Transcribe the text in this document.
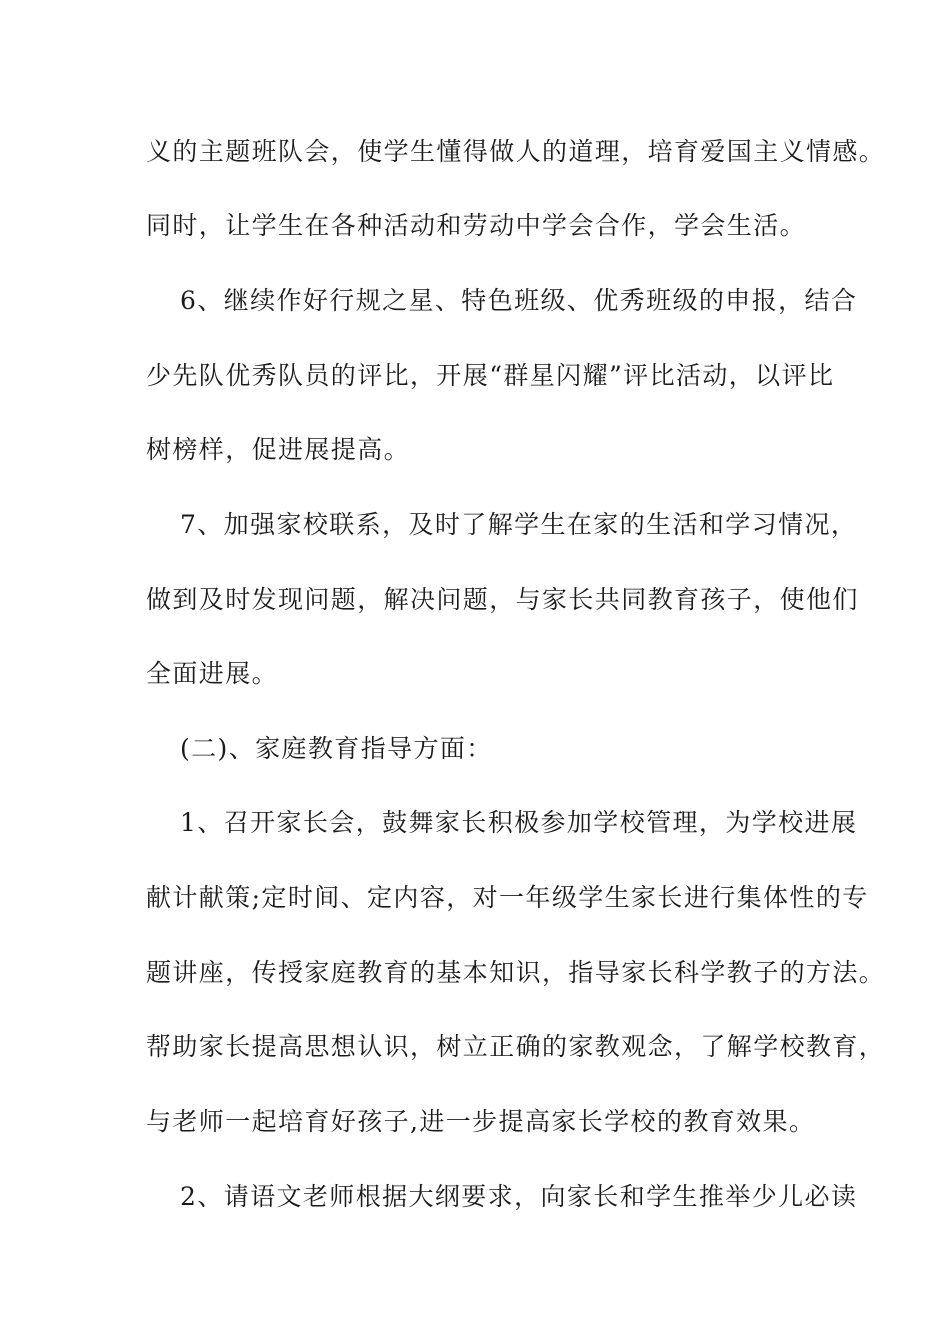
义的主题班队会，使学生懂得做人的道理，培育爱国主义情感。
同时，让学生在各种活动和劳动中学会合作，学会生活。
6、继续作好行规之星、特色班级、优秀班级的申报，结合
少先队优秀队员的评比，开展“群星闪耀”评比活动，以评比
树榜样，促进展提高。
7、加强家校联系，及时了解学生在家的生活和学习情况，
做到及时发现问题，解决问题，与家长共同教育孩子，使他们
全面进展。
(二)、家庭教育指导方面：
1、召开家长会，鼓舞家长积极参加学校管理，为学校进展
献计献策;定时间、定内容，对一年级学生家长进行集体性的专
题讲座，传授家庭教育的基本知识，指导家长科学教子的方法。
帮助家长提高思想认识，树立正确的家教观念，了解学校教育，
与老师一起培育好孩子,进一步提高家长学校的教育效果。
2、请语文老师根据大纲要求，向家长和学生推举少儿必读
